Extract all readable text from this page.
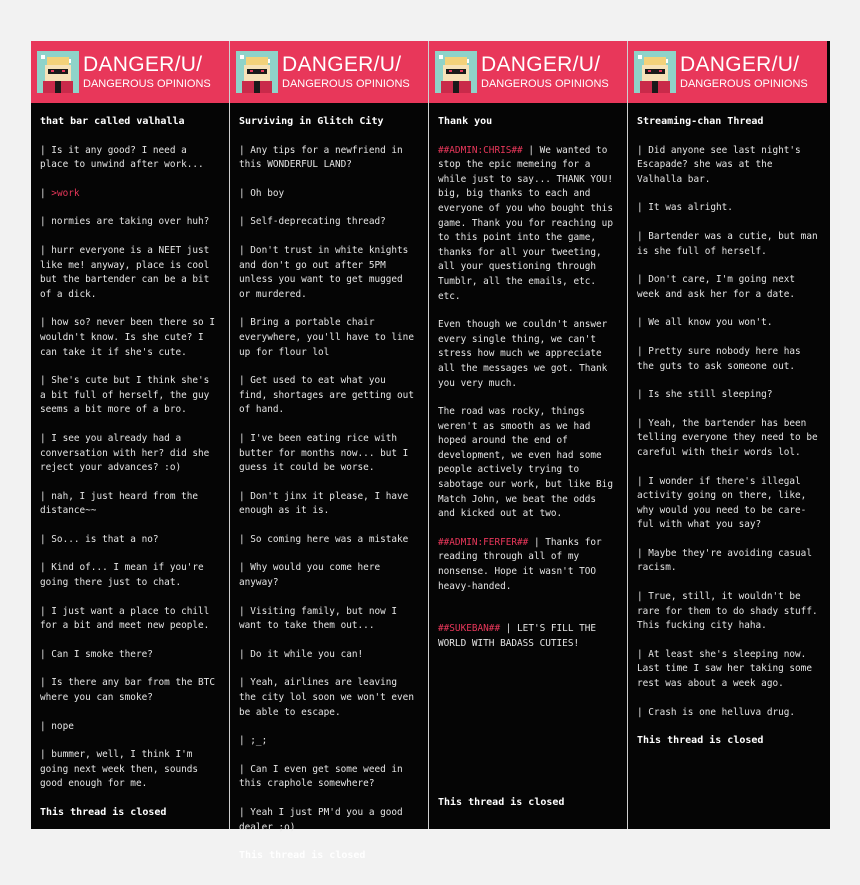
DANGER/U/
DANGEROUS OPINIONS
that bar called valhalla
| Is it any good? I need a place to unwind after work...
| >work
| normies are taking over huh?
| hurr everyone is a NEET just like me! anyway, place is cool but the bartender can be a bit of a dick.
| how so? never been there so I wouldn't know. Is she cute? I can take it if she's cute.
| She's cute but I think she's a bit full of herself, the guy seems a bit more of a bro.
| I see you already had a conversation with her? did she reject your advances? :o)
| nah, I just heard from the distance~~
| So... is that a no?
| Kind of... I mean if you're going there just to chat.
| I just want a place to chill for a bit and meet new people.
| Can I smoke there?
| Is there any bar from the BTC where you can smoke?
| nope
| bummer, well, I think I'm going next week then, sounds good enough for me.
This thread is closed
DANGER/U/
DANGEROUS OPINIONS
Surviving in Glitch City
| Any tips for a newfriend in this WONDERFUL LAND?
| Oh boy
| Self-deprecating thread?
| Don't trust in white knights and don't go out after 5PM unless you want to get mugged or murdered.
| Bring a portable chair everywhere, you'll have to line up for flour lol
| Get used to eat what you find, shortages are getting out of hand.
| I've been eating rice with butter for months now... but I guess it could be worse.
| Don't jinx it please, I have enough as it is.
| So coming here was a mistake
| Why would you come here anyway?
| Visiting family, but now I want to take them out...
| Do it while you can!
| Yeah, airlines are leaving the city lol soon we won't even be able to escape.
| ;_;
| Can I even get some weed in this craphole somewhere?
| Yeah I just PM'd you a good dealer ;o)
This thread is closed
DANGER/U/
DANGEROUS OPINIONS
Thank you
##ADMIN:CHRIS## | We wanted to stop the epic memeing for a while just to say... THANK YOU! big, big thanks to each and everyone of you who bought this game. Thank you for reaching up to this point into the game, thanks for all your tweeting, all your questioning through Tumblr, all the emails, etc. etc.
Even though we couldn't answer every single thing, we can't stress how much we appreciate all the messages we got. Thank you very much.
The road was rocky, things weren't as smooth as we had hoped around the end of development, we even had some people actively trying to sabotage our work, but like Big Match John, we beat the odds and kicked out at two.
##ADMIN:FERFER## | Thanks for reading through all of my nonsense. Hope it wasn't TOO heavy-handed.
##SUKEBAN## | LET'S FILL THE WORLD WITH BADASS CUTIES!
This thread is closed
DANGER/U/
DANGEROUS OPINIONS
Streaming-chan Thread
| Did anyone see last night's Escapade? she was at the Valhalla bar.
| It was alright.
| Bartender was a cutie, but man is she full of herself.
| Don't care, I'm going next week and ask her for a date.
| We all know you won't.
| Pretty sure nobody here has the guts to ask someone out.
| Is she still sleeping?
| Yeah, the bartender has been telling everyone they need to be careful with their words lol.
| I wonder if there's illegal activity going on there, like, why would you need to be care-ful with what you say?
| Maybe they're avoiding casual racism.
| True, still, it wouldn't be rare for them to do shady stuff. This fucking city haha.
| At least she's sleeping now. Last time I saw her taking some rest was about a week ago.
| Crash is one helluva drug.
This thread is closed
